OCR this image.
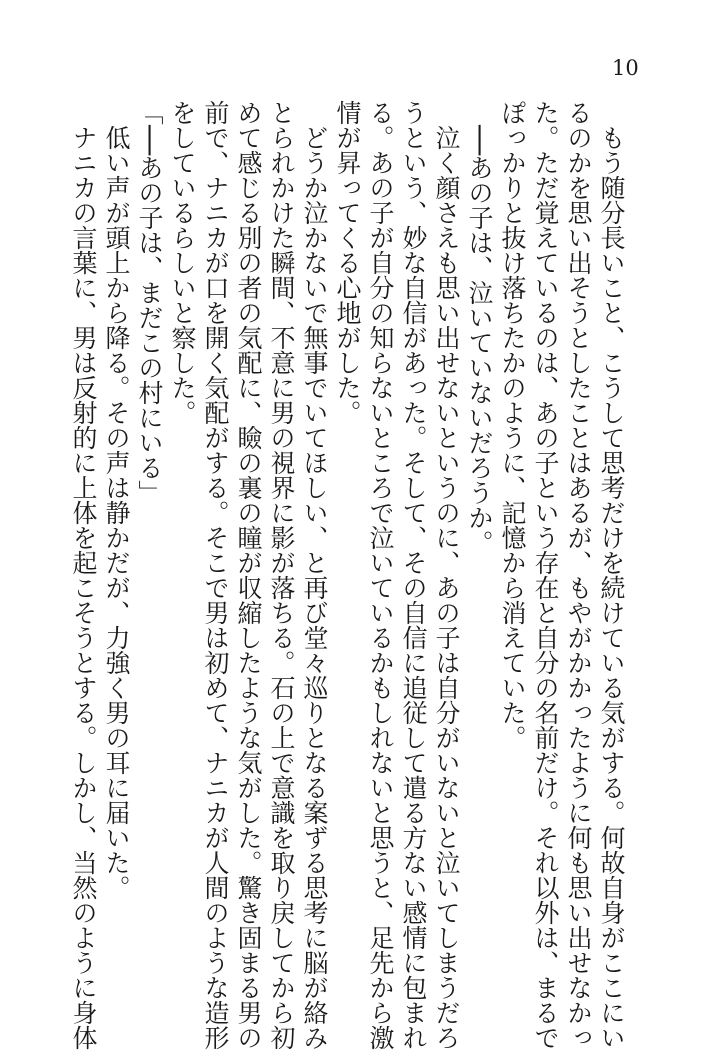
10
　もう随分長いこと、こうして思考だけを続けている気がする。何故自身がここにい
るのかを思い出そうとしたことはあるが、もやがかかったように何も思い出せなかっ
た。ただ覚えているのは、あの子という存在と自分の名前だけ。それ以外は、まるで
ぽっかりと抜け落ちたかのように、記憶から消えていた。
　──あの子は、泣いていないだろうか。
　泣く顔さえも思い出せないというのに、あの子は自分がいないと泣いてしまうだろ
うという、妙な自信があった。そして、その自信に追従して遣る方ない感情に包まれ
る。あの子が自分の知らないところで泣いているかもしれないと思うと、足先から激
情が昇ってくる心地がした。
　どうか泣かないで無事でいてほしい、と再び堂々巡りとなる案ずる思考に脳が絡み
とられかけた瞬間、不意に男の視界に影が落ちる。石の上で意識を取り戻してから初
めて感じる別の者の気配に、瞼の裏の瞳が収縮したような気がした。驚き固まる男の
前で、ナニカが口を開く気配がする。そこで男は初めて、ナニカが人間のような造形
をしているらしいと察した。
「──あの子は、まだこの村にいる」
　低い声が頭上から降る。その声は静かだが、力強く男の耳に届いた。
　ナニカの言葉に、男は反射的に上体を起こそうとする。しかし、当然のように身体
